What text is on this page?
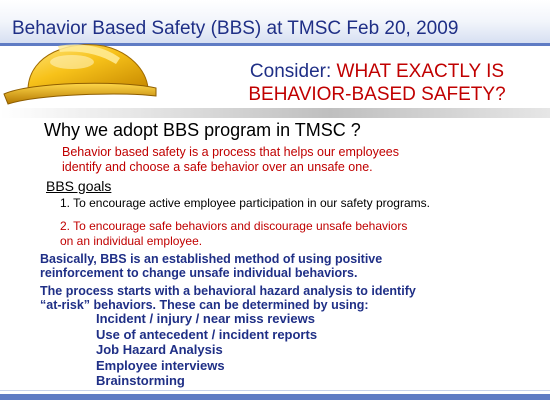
Behavior Based Safety (BBS) at TMSC Feb 20, 2009
Consider: WHAT EXACTLY IS
BEHAVIOR-BASED SAFETY?
Why we adopt BBS program in TMSC ?
Behavior based safety is a process that helps our employees
identify and choose a safe behavior over an unsafe one.
BBS goals
1. To encourage active employee participation in our safety programs.
2. To encourage safe behaviors and discourage unsafe behaviors
on an individual employee.
Basically, BBS is an established method of using positive
reinforcement to change unsafe individual behaviors.
The process starts with a behavioral hazard analysis to identify
“at-risk” behaviors. These can be determined by using:
Incident / injury / near miss reviews
Use of antecedent / incident reports
Job Hazard Analysis
Employee interviews
Brainstorming
